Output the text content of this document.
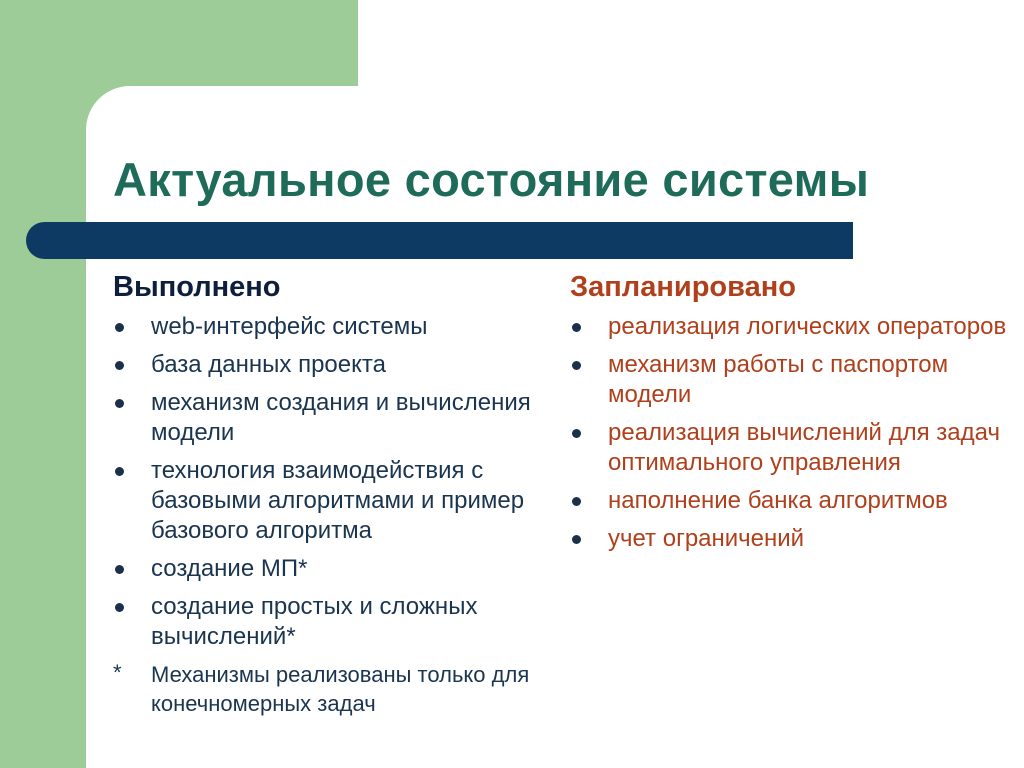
Актуальное состояние системы
Выполнено
web-интерфейс системы
база данных проекта
механизм создания и вычисления модели
технология взаимодействия с базовыми алгоритмами и пример базового алгоритма
создание МП*
создание простых и сложных вычислений*
* Механизмы реализованы только для конечномерных задач
Запланировано
реализация логических операторов
механизм работы с паспортом модели
реализация вычислений для задач оптимального управления
наполнение банка алгоритмов
учет ограничений
